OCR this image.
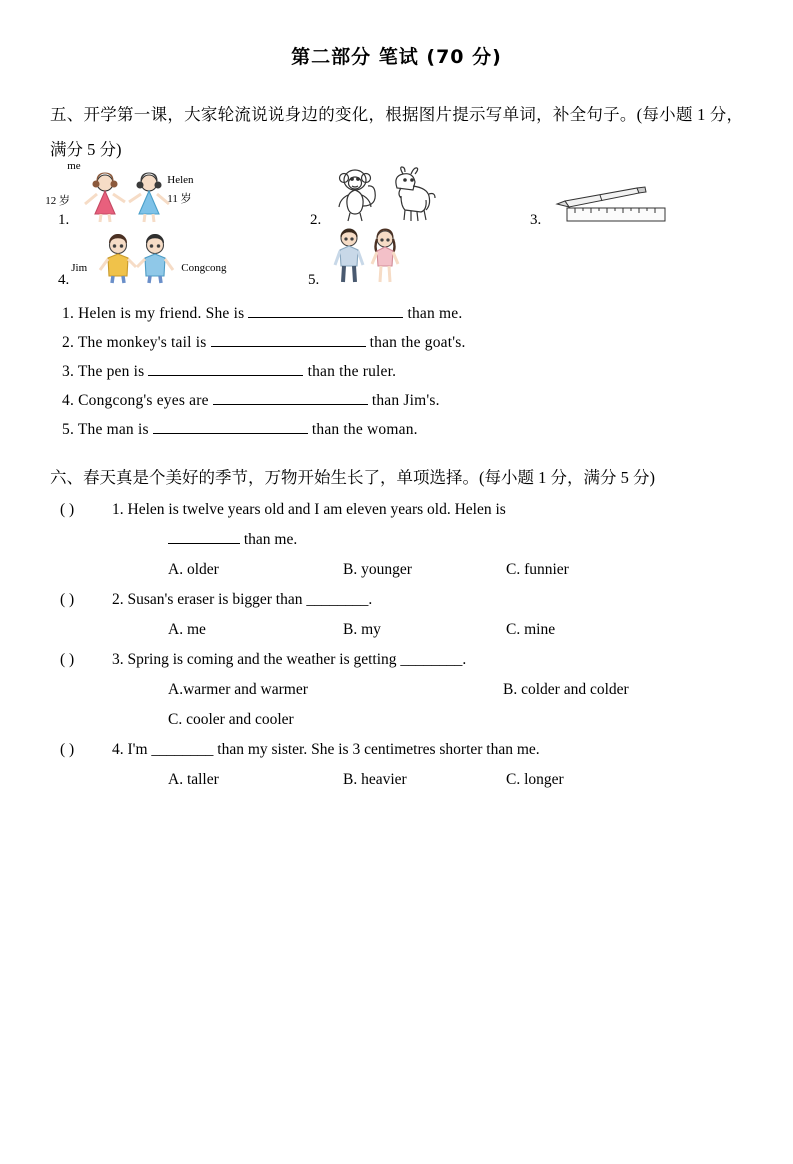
第二部分 笔试 (70 分)
五、开学第一课，大家轮流说说身边的变化，根据图片提示写单词，补全句子。(每小题 1 分，满分 5 分)
1.
me
12 岁
Helen
11 岁
2.	3.
4.
Jim	Congcong
5.
1. Helen is my friend. She is	than me.
2. The monkey's tail is	than the goat's.
3. The pen is	than the ruler.
4. Congcong's eyes are	than Jim's.
5. The man is	than the woman.
六、春天真是个美好的季节，万物开始生长了，单项选择。(每小题 1 分，满分 5 分)
( ) 1. Helen is twelve years old and I am eleven years old. Helen is
than me.
A. older	B. younger	C. funnier
( ) 2. Susan's eraser is bigger than ________.
A. me	B. my	C. mine
( ) 3. Spring is coming and the weather is getting ________.
A.warmer and warmer	B. colder and colder
C. cooler and cooler
( ) 4. I'm ________ than my sister. She is 3 centimetres shorter than me.
A. taller	B. heavier	C. longer
